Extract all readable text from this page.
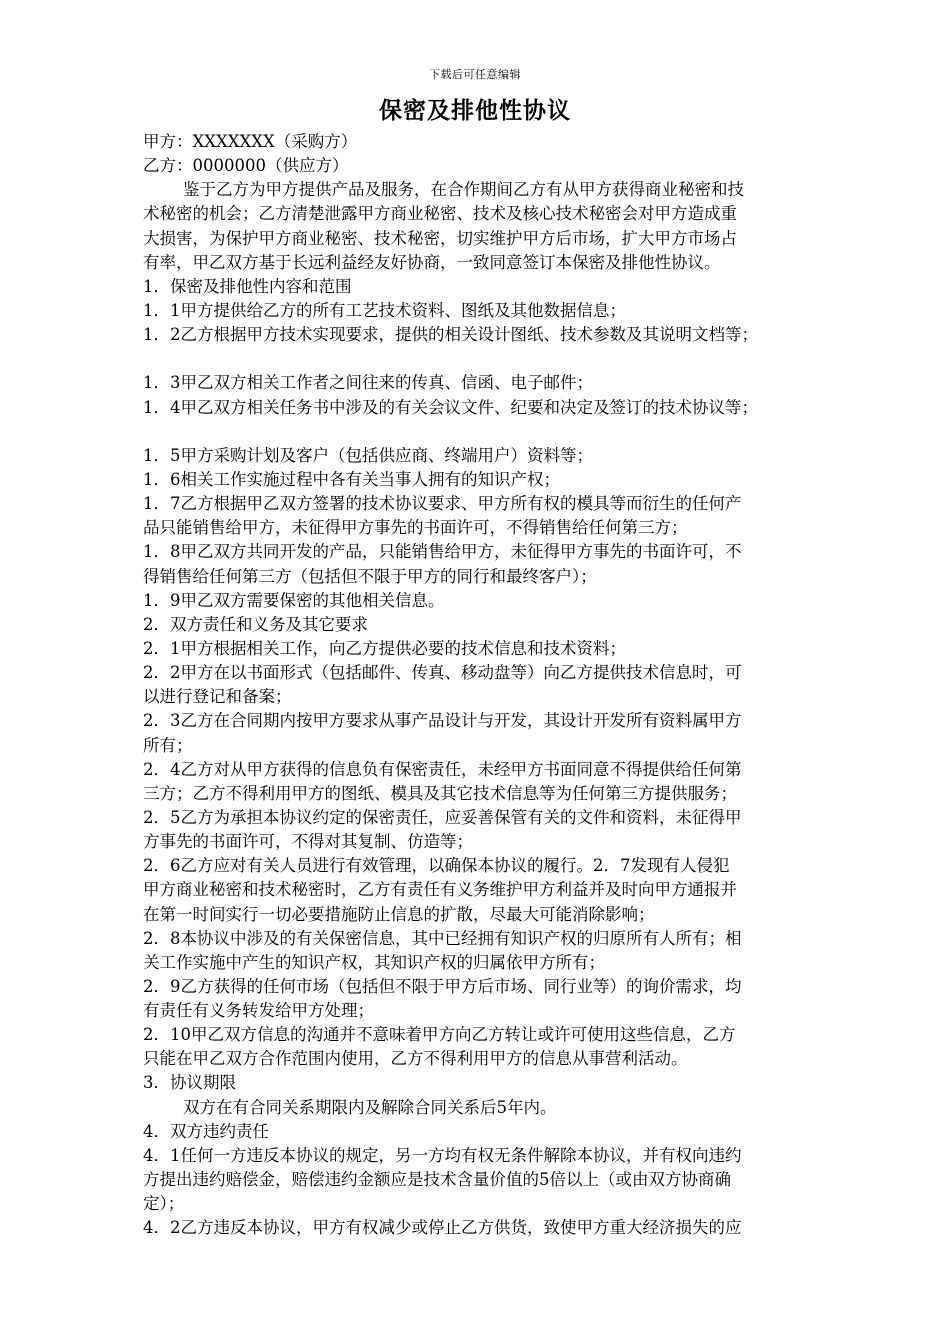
下载后可任意编辑
保密及排他性协议
甲方：XXXXXXX（采购方）
乙方：0000000（供应方）
鉴于乙方为甲方提供产品及服务，在合作期间乙方有从甲方获得商业秘密和技
术秘密的机会；乙方清楚泄露甲方商业秘密、技术及核心技术秘密会对甲方造成重
大损害，为保护甲方商业秘密、技术秘密，切实维护甲方后市场，扩大甲方市场占
有率，甲乙双方基于长远利益经友好协商，一致同意签订本保密及排他性协议。
1．保密及排他性内容和范围
1．1甲方提供给乙方的所有工艺技术资料、图纸及其他数据信息；
1．2乙方根据甲方技术实现要求，提供的相关设计图纸、技术参数及其说明文档等；
1．3甲乙双方相关工作者之间往来的传真、信函、电子邮件；
1．4甲乙双方相关任务书中涉及的有关会议文件、纪要和决定及签订的技术协议等；
1．5甲方采购计划及客户（包括供应商、终端用户）资料等；
1．6相关工作实施过程中各有关当事人拥有的知识产权；
1．7乙方根据甲乙双方签署的技术协议要求、甲方所有权的模具等而衍生的任何产
品只能销售给甲方，未征得甲方事先的书面许可，不得销售给任何第三方；
1．8甲乙双方共同开发的产品，只能销售给甲方，未征得甲方事先的书面许可，不
得销售给任何第三方（包括但不限于甲方的同行和最终客户）；
1．9甲乙双方需要保密的其他相关信息。
2．双方责任和义务及其它要求
2．1甲方根据相关工作，向乙方提供必要的技术信息和技术资料；
2．2甲方在以书面形式（包括邮件、传真、移动盘等）向乙方提供技术信息时，可
以进行登记和备案；
2．3乙方在合同期内按甲方要求从事产品设计与开发，其设计开发所有资料属甲方
所有；
2．4乙方对从甲方获得的信息负有保密责任，未经甲方书面同意不得提供给任何第
三方；乙方不得利用甲方的图纸、模具及其它技术信息等为任何第三方提供服务；
2．5乙方为承担本协议约定的保密责任，应妥善保管有关的文件和资料，未征得甲
方事先的书面许可，不得对其复制、仿造等；
2．6乙方应对有关人员进行有效管理，以确保本协议的履行。2．7发现有人侵犯
甲方商业秘密和技术秘密时，乙方有责任有义务维护甲方利益并及时向甲方通报并
在第一时间实行一切必要措施防止信息的扩散，尽最大可能消除影响；
2．8本协议中涉及的有关保密信息，其中已经拥有知识产权的归原所有人所有；相
关工作实施中产生的知识产权，其知识产权的归属依甲方所有；
2．9乙方获得的任何市场（包括但不限于甲方后市场、同行业等）的询价需求，均
有责任有义务转发给甲方处理；
2．10甲乙双方信息的沟通并不意味着甲方向乙方转让或许可使用这些信息，乙方
只能在甲乙双方合作范围内使用，乙方不得利用甲方的信息从事营利活动。
3．协议期限
双方在有合同关系期限内及解除合同关系后5年内。
4．双方违约责任
4．1任何一方违反本协议的规定，另一方均有权无条件解除本协议，并有权向违约
方提出违约赔偿金，赔偿违约金额应是技术含量价值的5倍以上（或由双方协商确
定）；
4．2乙方违反本协议，甲方有权减少或停止乙方供货，致使甲方重大经济损失的应
